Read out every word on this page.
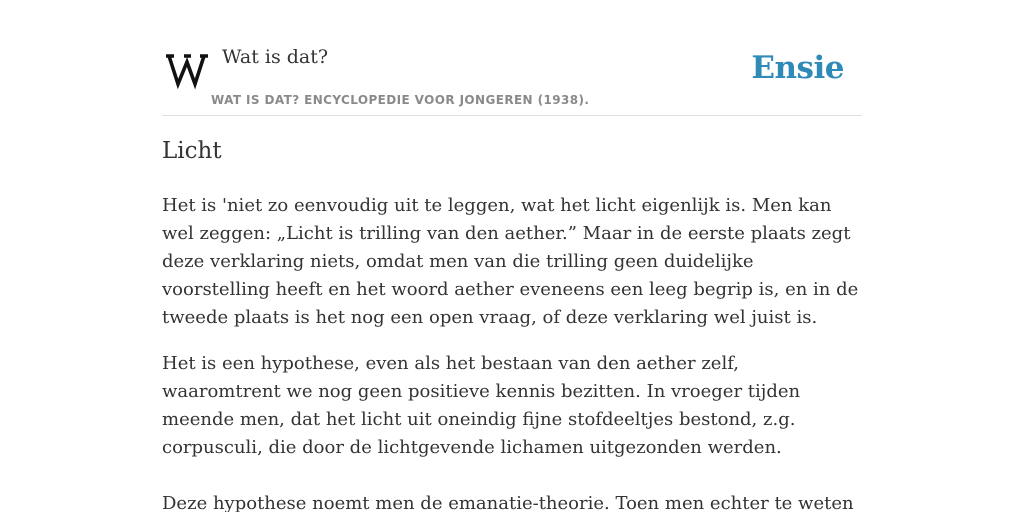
Wat is dat?
WAT IS DAT? ENCYCLOPEDIE VOOR JONGEREN (1938).
Ensie
Licht

Het is 'niet zo eenvoudig uit te leggen, wat het licht eigenlijk is. Men kan wel zeggen: „Licht is trilling van den aether.” Maar in de eerste plaats zegt deze verklaring niets, omdat men van die trilling geen duidelijke voorstelling heeft en het woord aether eveneens een leeg begrip is, en in de tweede plaats is het nog een open vraag, of deze verklaring wel juist is.

Het is een hypothese, even als het bestaan van den aether zelf, waaromtrent we nog geen positieve kennis bezitten. In vroeger tijden meende men, dat het licht uit oneindig fijne stofdeeltjes bestond, z.g. corpusculi, die door de lichtgevende lichamen uitgezonden werden.

Deze hypothese noemt men de emanatie-theorie. Toen men echter te weten
